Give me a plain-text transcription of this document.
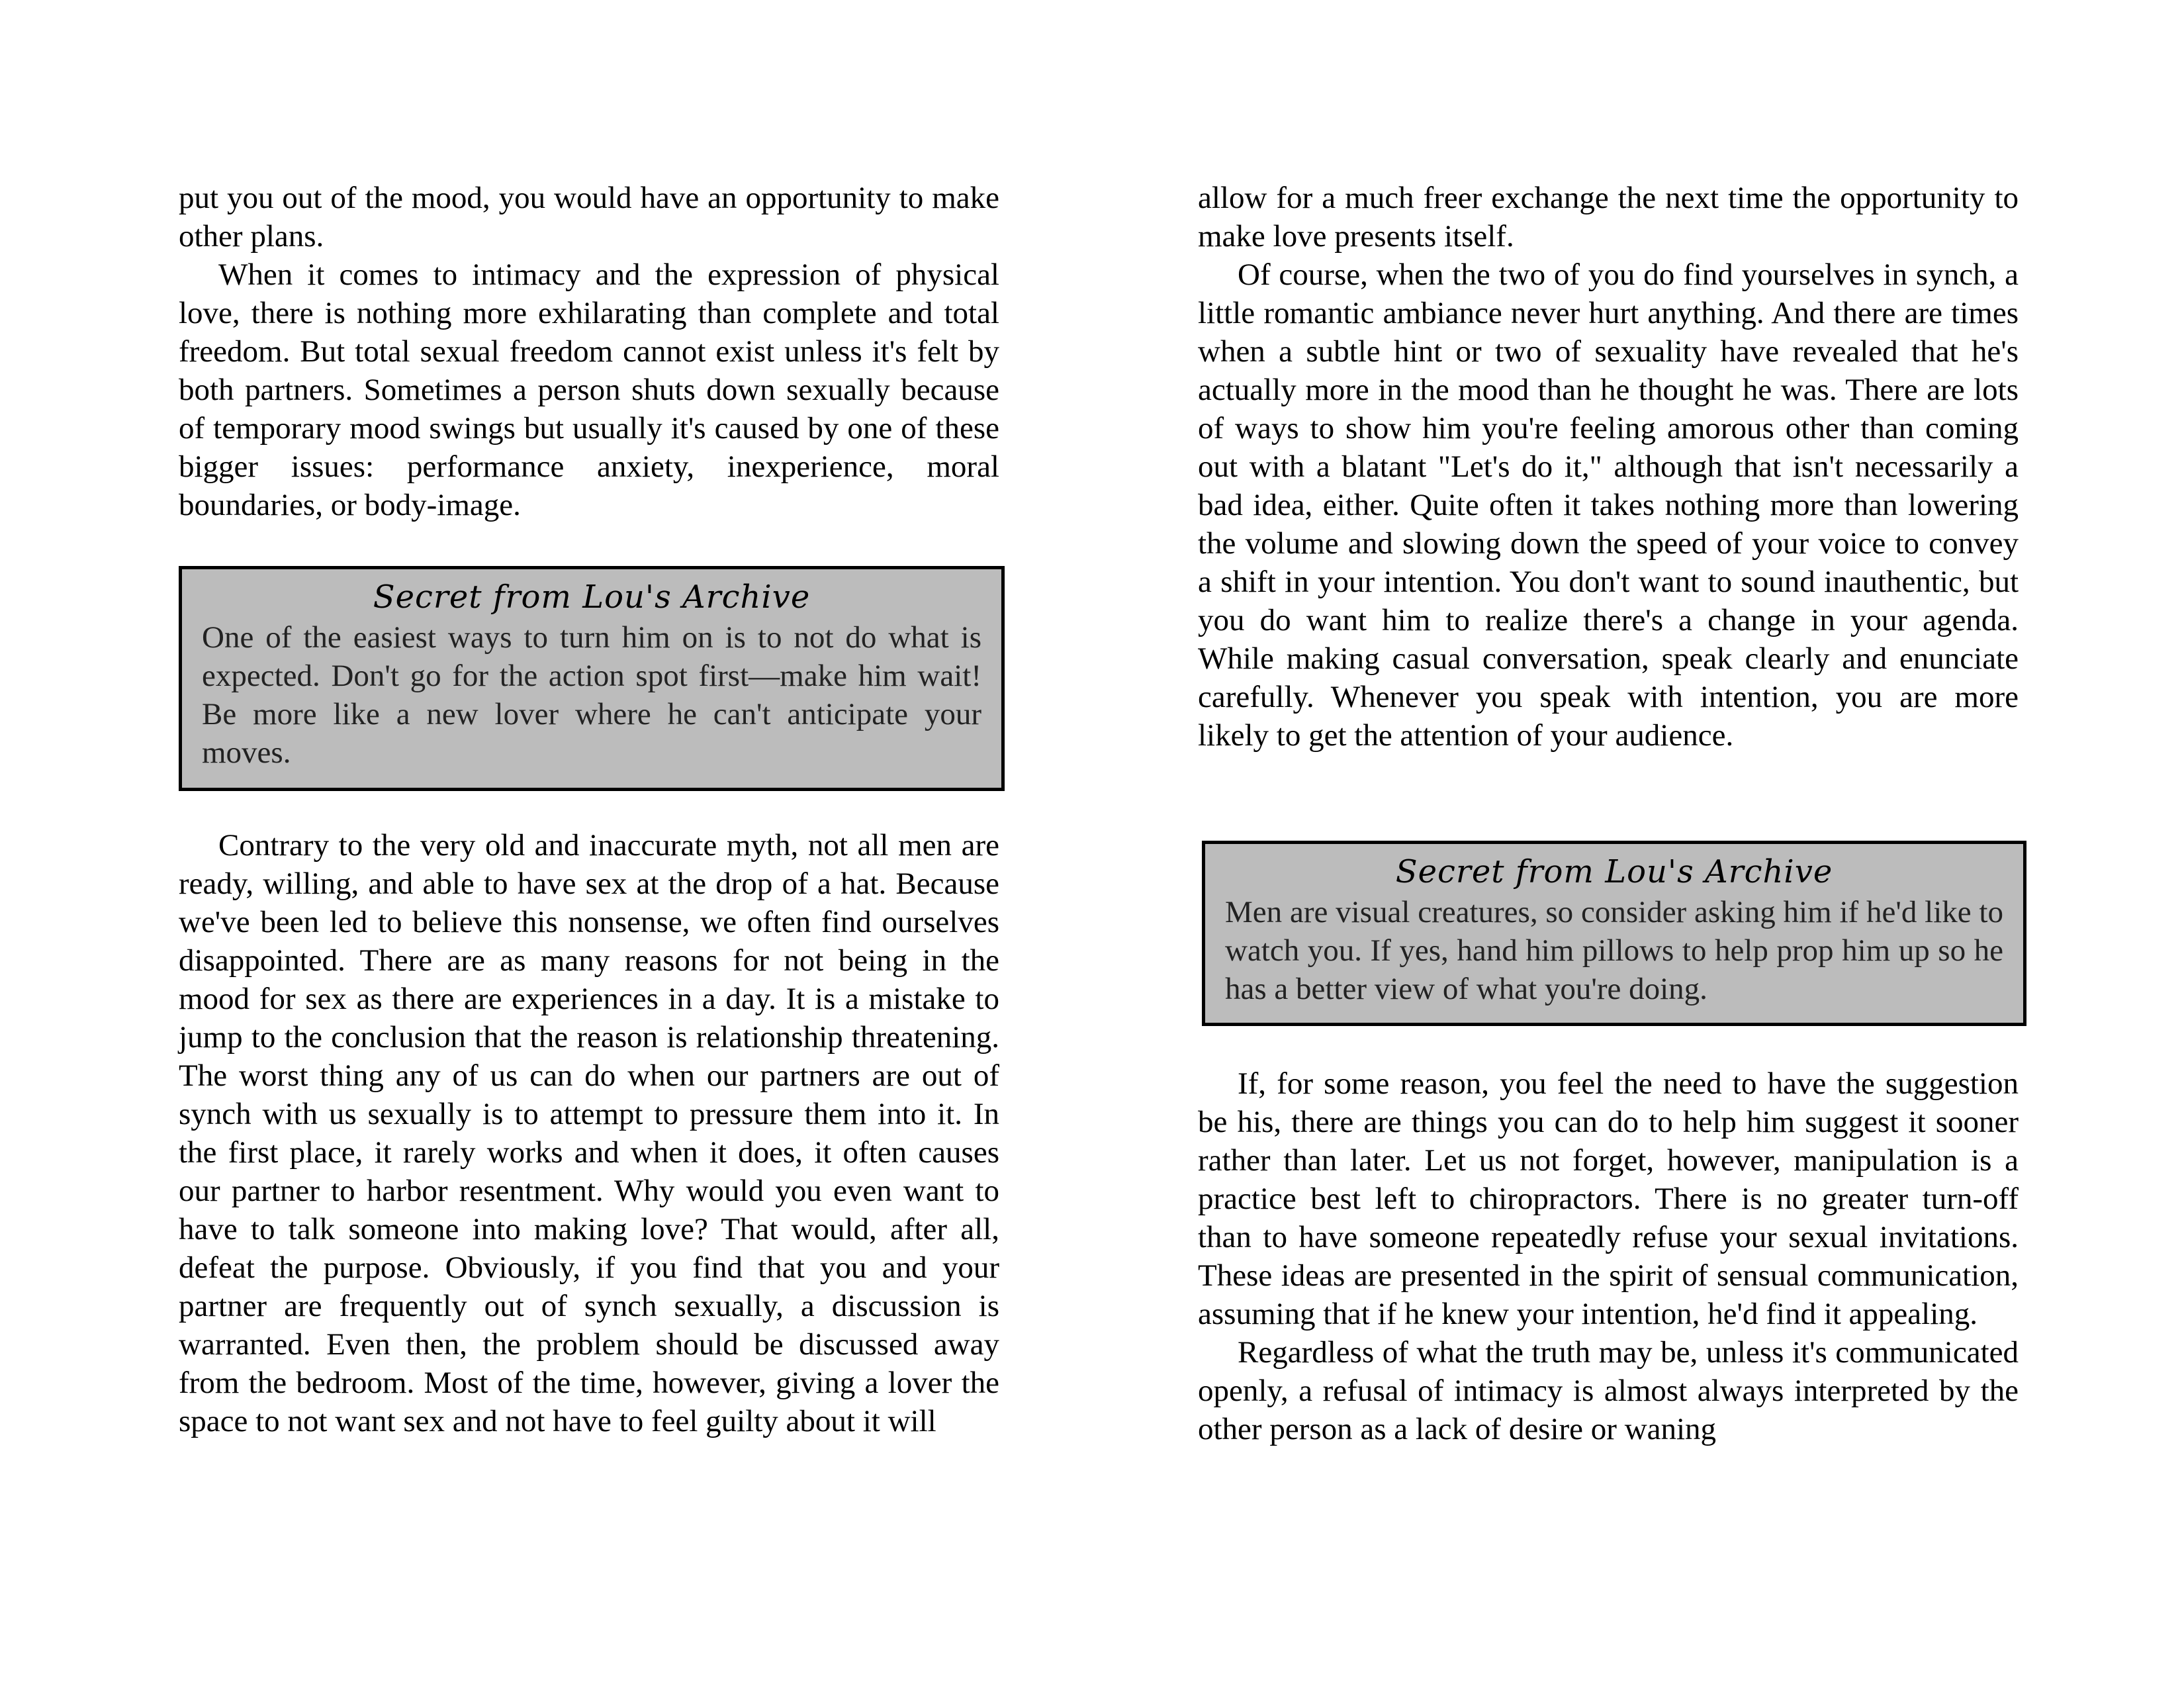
put you out of the mood, you would have an opportunity to make other plans.

When it comes to intimacy and the expression of physical love, there is nothing more exhilarating than complete and total freedom. But total sexual freedom cannot exist unless it's felt by both partners. Sometimes a person shuts down sexually because of temporary mood swings but usually it's caused by one of these bigger issues: performance anxiety, inexperience, moral boundaries, or body-image.

Secret from Lou's Archive

One of the easiest ways to turn him on is to not do what is expected. Don't go for the action spot first—make him wait! Be more like a new lover where he can't anticipate your moves.

Contrary to the very old and inaccurate myth, not all men are ready, willing, and able to have sex at the drop of a hat. Because we've been led to believe this nonsense, we often find ourselves disappointed. There are as many reasons for not being in the mood for sex as there are experiences in a day. It is a mistake to jump to the conclusion that the reason is relationship threatening. The worst thing any of us can do when our partners are out of synch with us sexually is to attempt to pressure them into it. In the first place, it rarely works and when it does, it often causes our partner to harbor resentment. Why would you even want to have to talk someone into making love? That would, after all, defeat the purpose. Obviously, if you find that you and your partner are frequently out of synch sexually, a discussion is warranted. Even then, the problem should be discussed away from the bedroom. Most of the time, however, giving a lover the space to not want sex and not have to feel guilty about it will

allow for a much freer exchange the next time the opportunity to make love presents itself.

Of course, when the two of you do find yourselves in synch, a little romantic ambiance never hurt anything. And there are times when a subtle hint or two of sexuality have revealed that he's actually more in the mood than he thought he was. There are lots of ways to show him you're feeling amorous other than coming out with a blatant "Let's do it," although that isn't necessarily a bad idea, either. Quite often it takes nothing more than lowering the volume and slowing down the speed of your voice to convey a shift in your intention. You don't want to sound inauthentic, but you do want him to realize there's a change in your agenda. While making casual conversation, speak clearly and enunciate carefully. Whenever you speak with intention, you are more likely to get the attention of your audience.

Secret from Lou's Archive

Men are visual creatures, so consider asking him if he'd like to watch you. If yes, hand him pillows to help prop him up so he has a better view of what you're doing.

If, for some reason, you feel the need to have the suggestion be his, there are things you can do to help him suggest it sooner rather than later. Let us not forget, however, manipulation is a practice best left to chiropractors. There is no greater turn-off than to have someone repeatedly refuse your sexual invitations. These ideas are presented in the spirit of sensual communication, assuming that if he knew your intention, he'd find it appealing.

Regardless of what the truth may be, unless it's communicated openly, a refusal of intimacy is almost always interpreted by the other person as a lack of desire or waning
